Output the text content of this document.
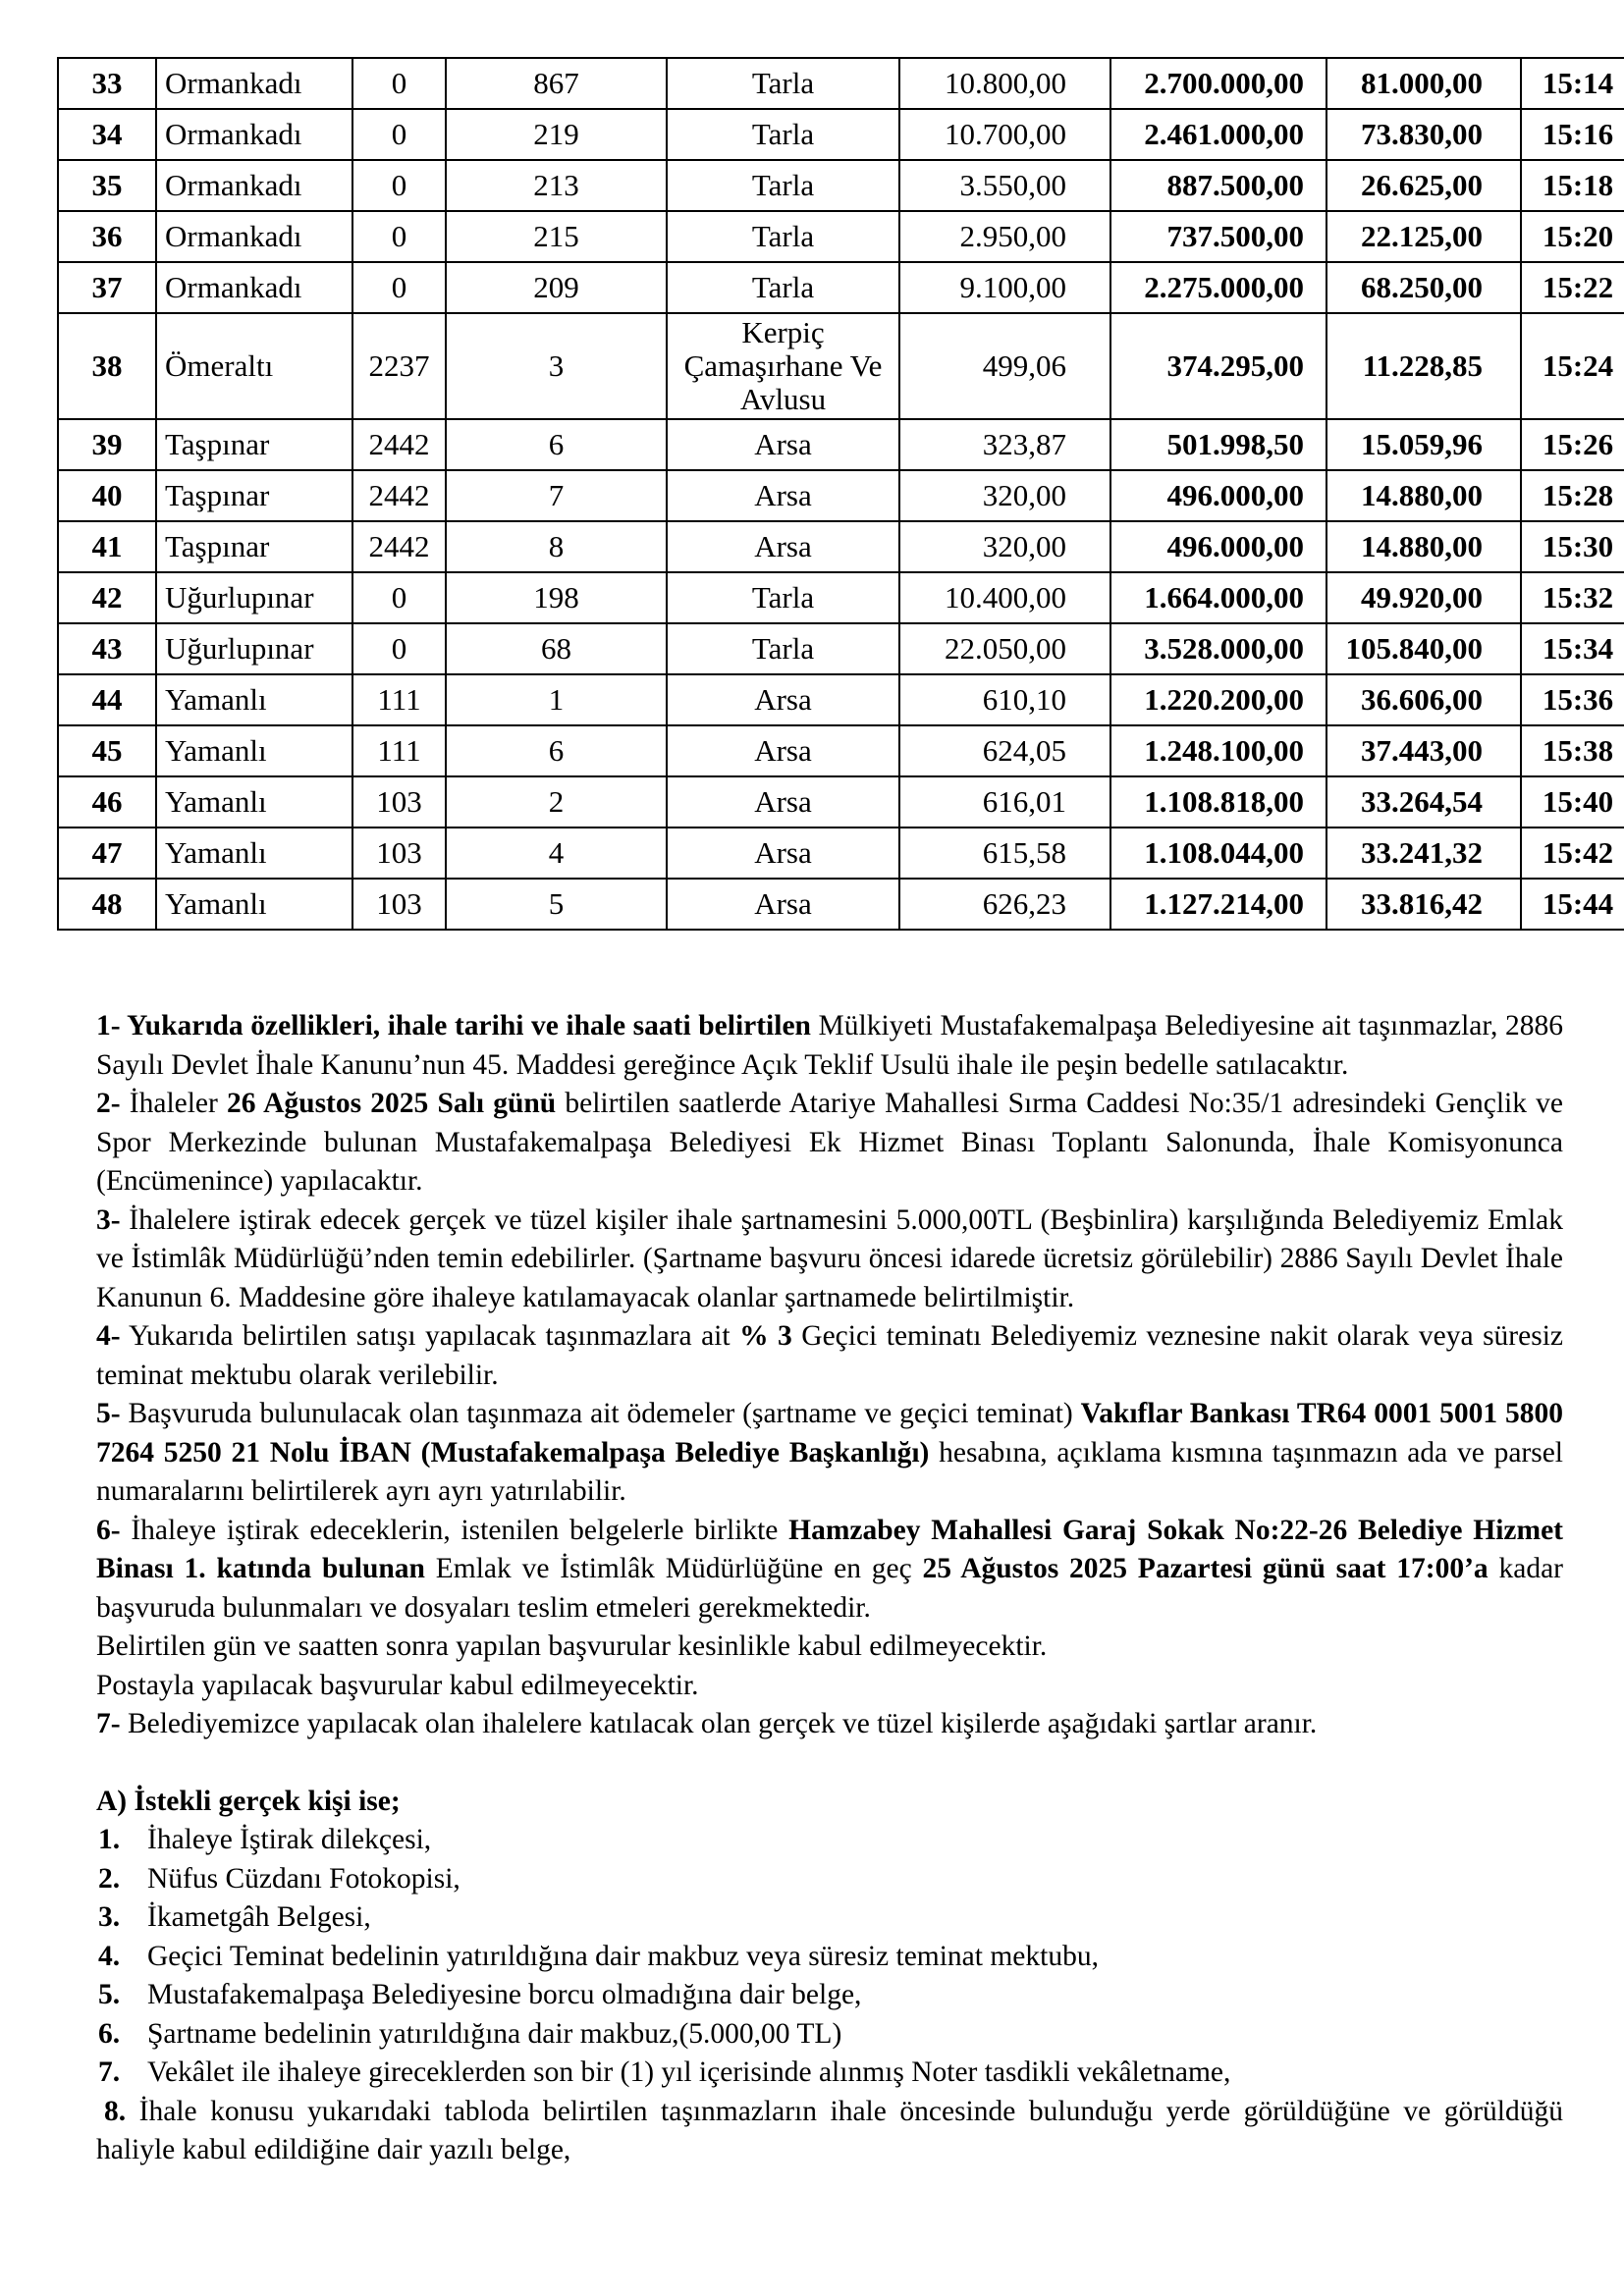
33	Ormankadı	0	867	Tarla	10.800,00	2.700.000,00	81.000,00	15:14
34	Ormankadı	0	219	Tarla	10.700,00	2.461.000,00	73.830,00	15:16
35	Ormankadı	0	213	Tarla	3.550,00	887.500,00	26.625,00	15:18
36	Ormankadı	0	215	Tarla	2.950,00	737.500,00	22.125,00	15:20
37	Ormankadı	0	209	Tarla	9.100,00	2.275.000,00	68.250,00	15:22
38	Ömeraltı	2237	3	Kerpiç Çamaşırhane Ve Avlusu	499,06	374.295,00	11.228,85	15:24
39	Taşpınar	2442	6	Arsa	323,87	501.998,50	15.059,96	15:26
40	Taşpınar	2442	7	Arsa	320,00	496.000,00	14.880,00	15:28
41	Taşpınar	2442	8	Arsa	320,00	496.000,00	14.880,00	15:30
42	Uğurlupınar	0	198	Tarla	10.400,00	1.664.000,00	49.920,00	15:32
43	Uğurlupınar	0	68	Tarla	22.050,00	3.528.000,00	105.840,00	15:34
44	Yamanlı	111	1	Arsa	610,10	1.220.200,00	36.606,00	15:36
45	Yamanlı	111	6	Arsa	624,05	1.248.100,00	37.443,00	15:38
46	Yamanlı	103	2	Arsa	616,01	1.108.818,00	33.264,54	15:40
47	Yamanlı	103	4	Arsa	615,58	1.108.044,00	33.241,32	15:42
48	Yamanlı	103	5	Arsa	626,23	1.127.214,00	33.816,42	15:44

1- Yukarıda özellikleri, ihale tarihi ve ihale saati belirtilen Mülkiyeti Mustafakemalpaşa Belediyesine ait taşınmazlar, 2886 Sayılı Devlet İhale Kanunu’nun 45. Maddesi gereğince Açık Teklif Usulü ihale ile peşin bedelle satılacaktır.

2- İhaleler 26 Ağustos 2025 Salı günü belirtilen saatlerde Atariye Mahallesi Sırma Caddesi No:35/1 adresindeki Gençlik ve Spor Merkezinde bulunan Mustafakemalpaşa Belediyesi Ek Hizmet Binası Toplantı Salonunda, İhale Komisyonunca (Encümenince) yapılacaktır.

3- İhalelere iştirak edecek gerçek ve tüzel kişiler ihale şartnamesini 5.000,00TL (Beşbinlira) karşılığında Belediyemiz Emlak ve İstimlâk Müdürlüğü’nden temin edebilirler. (Şartname başvuru öncesi idarede ücretsiz görülebilir) 2886 Sayılı Devlet İhale Kanunun 6. Maddesine göre ihaleye katılamayacak olanlar şartnamede belirtilmiştir.

4- Yukarıda belirtilen satışı yapılacak taşınmazlara ait % 3 Geçici teminatı Belediyemiz veznesine nakit olarak veya süresiz teminat mektubu olarak verilebilir.

5- Başvuruda bulunulacak olan taşınmaza ait ödemeler (şartname ve geçici teminat) Vakıflar Bankası TR64 0001 5001 5800 7264 5250 21 Nolu İBAN (Mustafakemalpaşa Belediye Başkanlığı) hesabına, açıklama kısmına taşınmazın ada ve parsel numaralarını belirtilerek ayrı ayrı yatırılabilir.

6- İhaleye iştirak edeceklerin, istenilen belgelerle birlikte Hamzabey Mahallesi Garaj Sokak No:22-26 Belediye Hizmet Binası 1. katında bulunan Emlak ve İstimlâk Müdürlüğüne en geç 25 Ağustos 2025 Pazartesi günü saat 17:00’a kadar başvuruda bulunmaları ve dosyaları teslim etmeleri gerekmektedir.

Belirtilen gün ve saatten sonra yapılan başvurular kesinlikle kabul edilmeyecektir.

Postayla yapılacak başvurular kabul edilmeyecektir.

7- Belediyemizce yapılacak olan ihalelere katılacak olan gerçek ve tüzel kişilerde aşağıdaki şartlar aranır.

A) İstekli gerçek kişi ise;

1. İhaleye İştirak dilekçesi,
2. Nüfus Cüzdanı Fotokopisi,
3. İkametgâh Belgesi,
4. Geçici Teminat bedelinin yatırıldığına dair makbuz veya süresiz teminat mektubu,
5. Mustafakemalpaşa Belediyesine borcu olmadığına dair belge,
6. Şartname bedelinin yatırıldığına dair makbuz,(5.000,00 TL)
7. Vekâlet ile ihaleye gireceklerden son bir (1) yıl içerisinde alınmış Noter tasdikli vekâletname,

8. İhale konusu yukarıdaki tabloda belirtilen taşınmazların ihale öncesinde bulunduğu yerde görüldüğüne ve görüldüğü haliyle kabul edildiğine dair yazılı belge,
